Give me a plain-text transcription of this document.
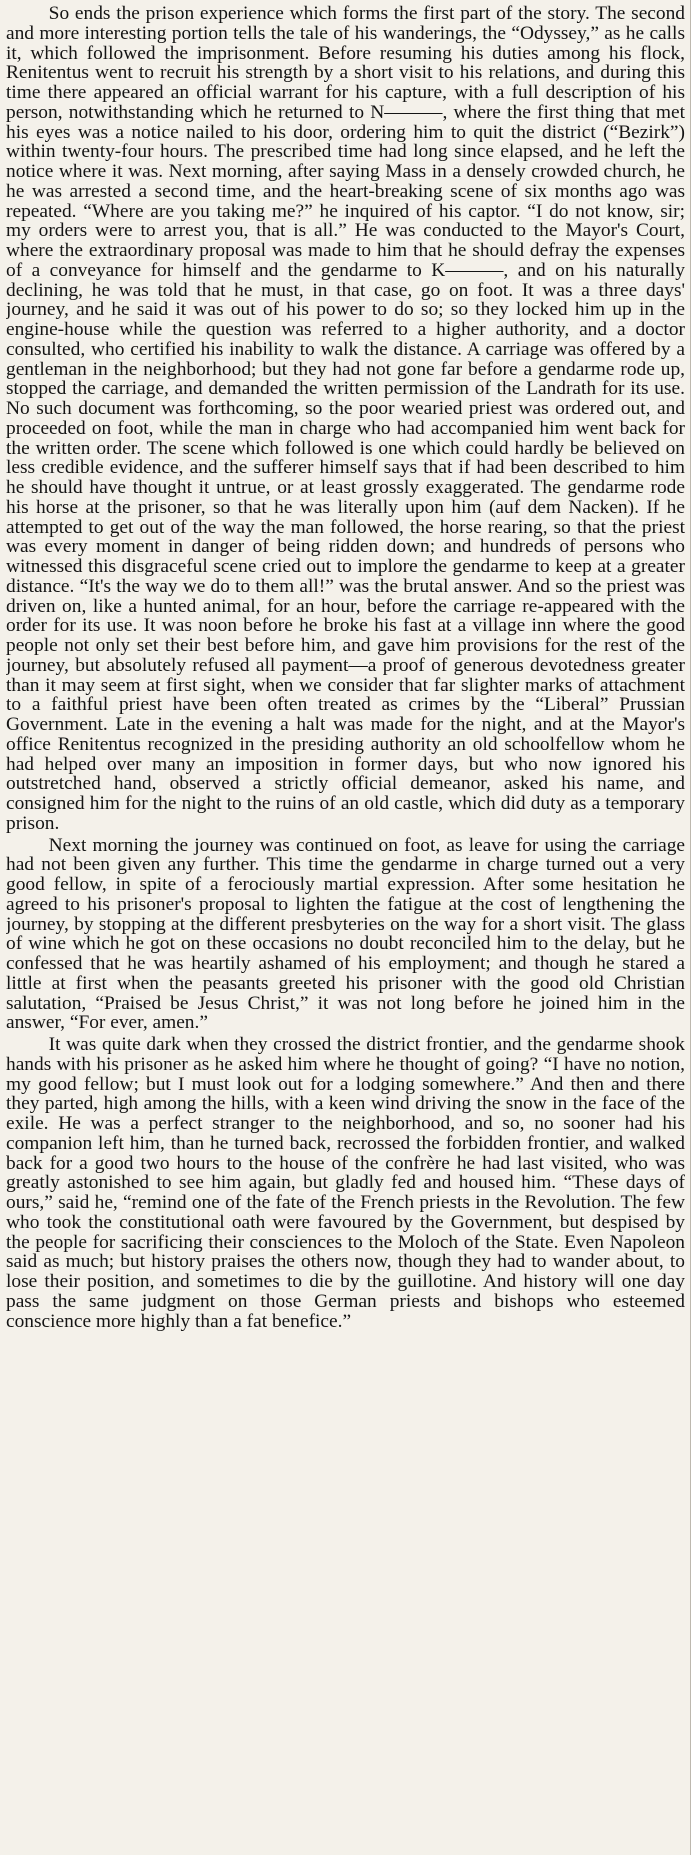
So ends the prison experience which forms the first part of the story. The second and more interesting portion tells the tale of his wanderings, the “Odyssey,” as he calls it, which followed the imprisonment. Before resuming his duties among his flock, Renitentus went to recruit his strength by a short visit to his relations, and during this time there appeared an official warrant for his capture, with a full description of his person, notwithstanding which he returned to N———, where the first thing that met his eyes was a notice nailed to his door, ordering him to quit the district (“Bezirk”) within twenty-four hours. The prescribed time had long since elapsed, and he left the notice where it was. Next morning, after saying Mass in a densely crowded church, he he was arrested a second time, and the heart-breaking scene of six months ago was repeated. “Where are you taking me?” he inquired of his captor. “I do not know, sir; my orders were to arrest you, that is all.” He was conducted to the Mayor's Court, where the extraordinary proposal was made to him that he should defray the expenses of a conveyance for himself and the gendarme to K———, and on his naturally declining, he was told that he must, in that case, go on foot. It was a three days' journey, and he said it was out of his power to do so; so they locked him up in the engine-house while the question was referred to a higher authority, and a doctor consulted, who certified his inability to walk the distance. A carriage was offered by a gentleman in the neighborhood; but they had not gone far before a gendarme rode up, stopped the carriage, and demanded the written permission of the Landrath for its use. No such document was forthcoming, so the poor wearied priest was ordered out, and proceeded on foot, while the man in charge who had accompanied him went back for the written order. The scene which followed is one which could hardly be believed on less credible evidence, and the sufferer himself says that if had been described to him he should have thought it untrue, or at least grossly exaggerated. The gendarme rode his horse at the prisoner, so that he was literally upon him (auf dem Nacken). If he attempted to get out of the way the man followed, the horse rearing, so that the priest was every moment in danger of being ridden down; and hundreds of persons who witnessed this disgraceful scene cried out to implore the gendarme to keep at a greater distance. “It's the way we do to them all!” was the brutal answer. And so the priest was driven on, like a hunted animal, for an hour, before the carriage re-appeared with the order for its use. It was noon before he broke his fast at a village inn where the good people not only set their best before him, and gave him provisions for the rest of the journey, but absolutely refused all payment—a proof of generous devotedness greater than it may seem at first sight, when we consider that far slighter marks of attachment to a faithful priest have been often treated as crimes by the “Liberal” Prussian Government. Late in the evening a halt was made for the night, and at the Mayor's office Renitentus recognized in the presiding authority an old schoolfellow whom he had helped over many an imposition in former days, but who now ignored his outstretched hand, observed a strictly official demeanor, asked his name, and consigned him for the night to the ruins of an old castle, which did duty as a temporary prison.

Next morning the journey was continued on foot, as leave for using the carriage had not been given any further. This time the gendarme in charge turned out a very good fellow, in spite of a ferociously martial expression. After some hesitation he agreed to his prisoner's proposal to lighten the fatigue at the cost of lengthening the journey, by stopping at the different presbyteries on the way for a short visit. The glass of wine which he got on these occasions no doubt reconciled him to the delay, but he confessed that he was heartily ashamed of his employment; and though he stared a little at first when the peasants greeted his prisoner with the good old Christian salutation, “Praised be Jesus Christ,” it was not long before he joined him in the answer, “For ever, amen.”

It was quite dark when they crossed the district frontier, and the gendarme shook hands with his prisoner as he asked him where he thought of going? “I have no notion, my good fellow; but I must look out for a lodging somewhere.” And then and there they parted, high among the hills, with a keen wind driving the snow in the face of the exile. He was a perfect stranger to the neighborhood, and so, no sooner had his companion left him, than he turned back, recrossed the forbidden frontier, and walked back for a good two hours to the house of the confrère he had last visited, who was greatly astonished to see him again, but gladly fed and housed him. “These days of ours,” said he, “remind one of the fate of the French priests in the Revolution. The few who took the constitutional oath were favoured by the Government, but despised by the people for sacrificing their consciences to the Moloch of the State. Even Napoleon said as much; but history praises the others now, though they had to wander about, to lose their position, and sometimes to die by the guillotine. And history will one day pass the same judgment on those German priests and bishops who esteemed conscience more highly than a fat benefice.”
